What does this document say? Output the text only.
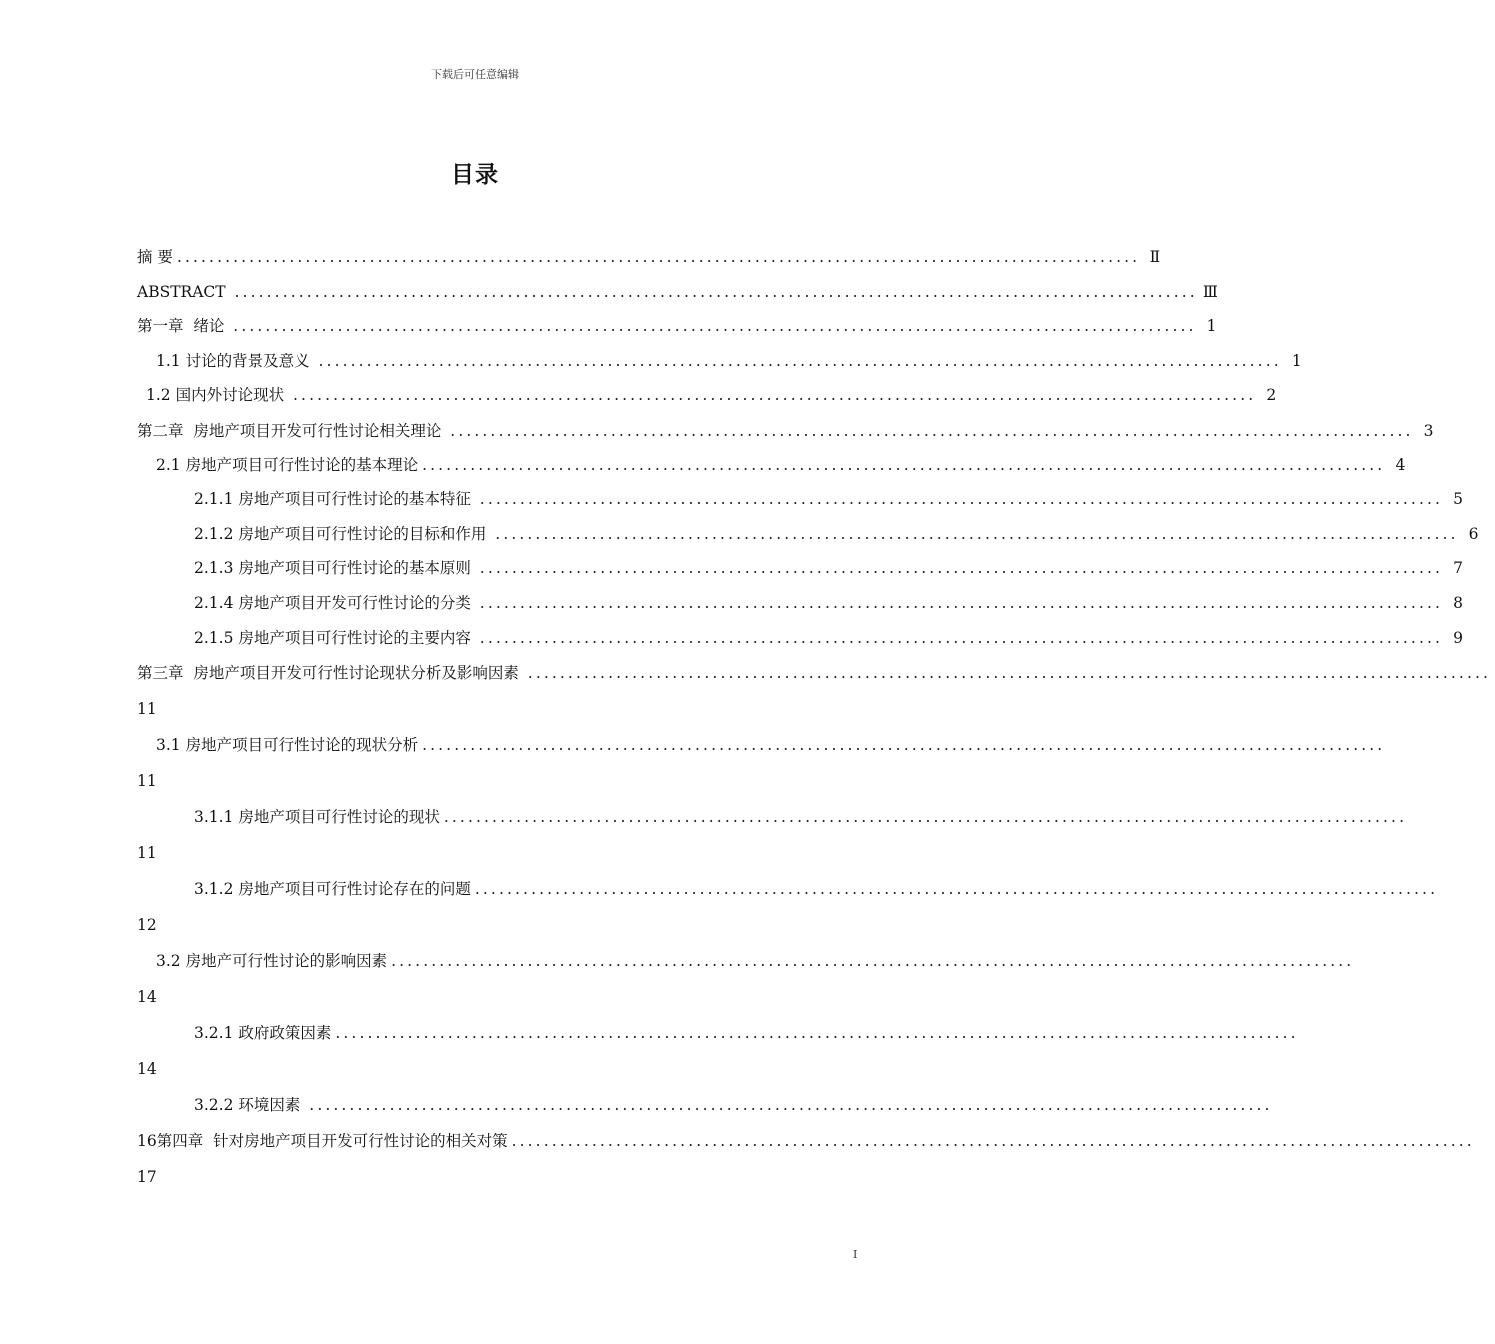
下载后可任意编辑
目录
摘 要 ........................................................................................................................ Ⅱ
ABSTRACT ........................................................................................................................ Ⅲ
第一章  绪论 ........................................................................................................................ 1
1.1 讨论的背景及意义 ........................................................................................................................ 1
1.2 国内外讨论现状 ........................................................................................................................ 2
第二章  房地产项目开发可行性讨论相关理论 ........................................................................................................................ 3
2.1 房地产项目可行性讨论的基本理论 ........................................................................................................................ 4
2.1.1 房地产项目可行性讨论的基本特征 ........................................................................................................................ 5
2.1.2 房地产项目可行性讨论的目标和作用 ........................................................................................................................ 6
2.1.3 房地产项目可行性讨论的基本原则 ........................................................................................................................ 7
2.1.4 房地产项目开发可行性讨论的分类 ........................................................................................................................ 8
2.1.5 房地产项目可行性讨论的主要内容 ........................................................................................................................ 9
第三章  房地产项目开发可行性讨论现状分析及影响因素 ........................................................................................................................
11
3.1 房地产项目可行性讨论的现状分析 ........................................................................................................................
11
3.1.1 房地产项目可行性讨论的现状 ........................................................................................................................
11
3.1.2 房地产项目可行性讨论存在的问题 ........................................................................................................................
12
3.2 房地产可行性讨论的影响因素 ........................................................................................................................
14
3.2.1 政府政策因素 ........................................................................................................................
14
3.2.2 环境因素 ........................................................................................................................
16 第四章  针对房地产项目开发可行性讨论的相关对策 ........................................................................................................................
17
I
